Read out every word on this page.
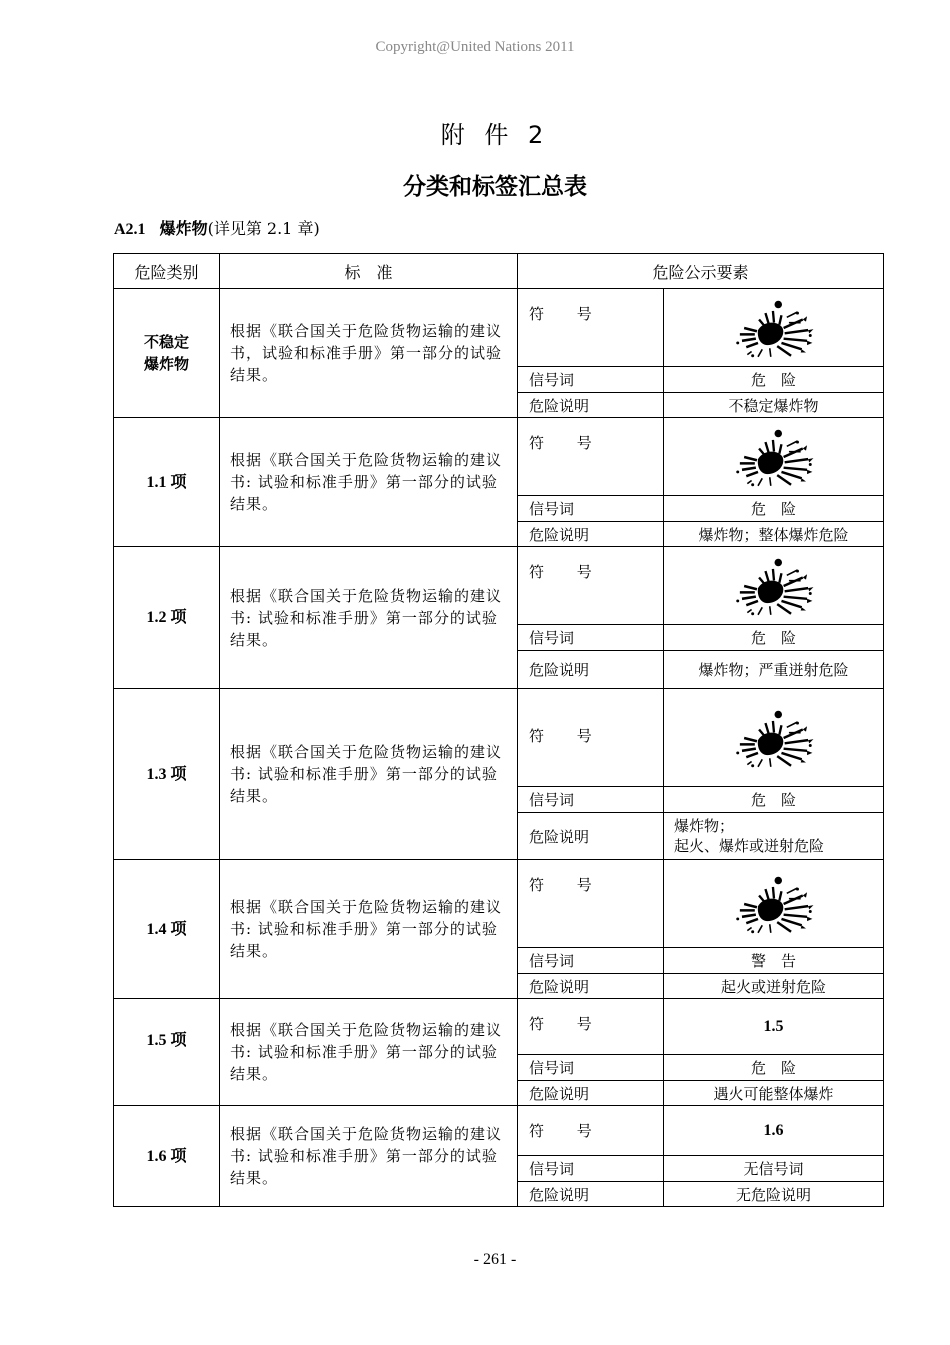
Copyright@United Nations 2011
附 件 2
分类和标签汇总表
A2.1 爆炸物(详见第 2.1 章)
危险类别	标　准	危险公示要素	
不稳定
爆炸物	根据《联合国关于危险货物运输的建议书，试验和标准手册》第一部分的试验结果。	符 号	

		信号词	危　险
		危险说明	不稳定爆炸物
1.1 项	根据《联合国关于危险货物运输的建议书: 试验和标准手册》第一部分的试验结果。	符 号	

		信号词	危　险
		危险说明	爆炸物；整体爆炸危险
1.2 项	根据《联合国关于危险货物运输的建议书: 试验和标准手册》第一部分的试验结果。	符 号	

		信号词	危　险
		危险说明	爆炸物；严重迸射危险
1.3 项	根据《联合国关于危险货物运输的建议书: 试验和标准手册》第一部分的试验结果。	符 号	

		信号词	危　险
		危险说明	爆炸物；
起火、爆炸或迸射危险
1.4 项	根据《联合国关于危险货物运输的建议书: 试验和标准手册》第一部分的试验结果。	符 号	

		信号词	警　告
		危险说明	起火或迸射危险
1.5 项	根据《联合国关于危险货物运输的建议书: 试验和标准手册》第一部分的试验结果。	符 号	1.5
		信号词	危　险
		危险说明	遇火可能整体爆炸
1.6 项	根据《联合国关于危险货物运输的建议书: 试验和标准手册》第一部分的试验结果。	符 号	1.6
		信号词	无信号词
		危险说明	无危险说明
- 261 -
